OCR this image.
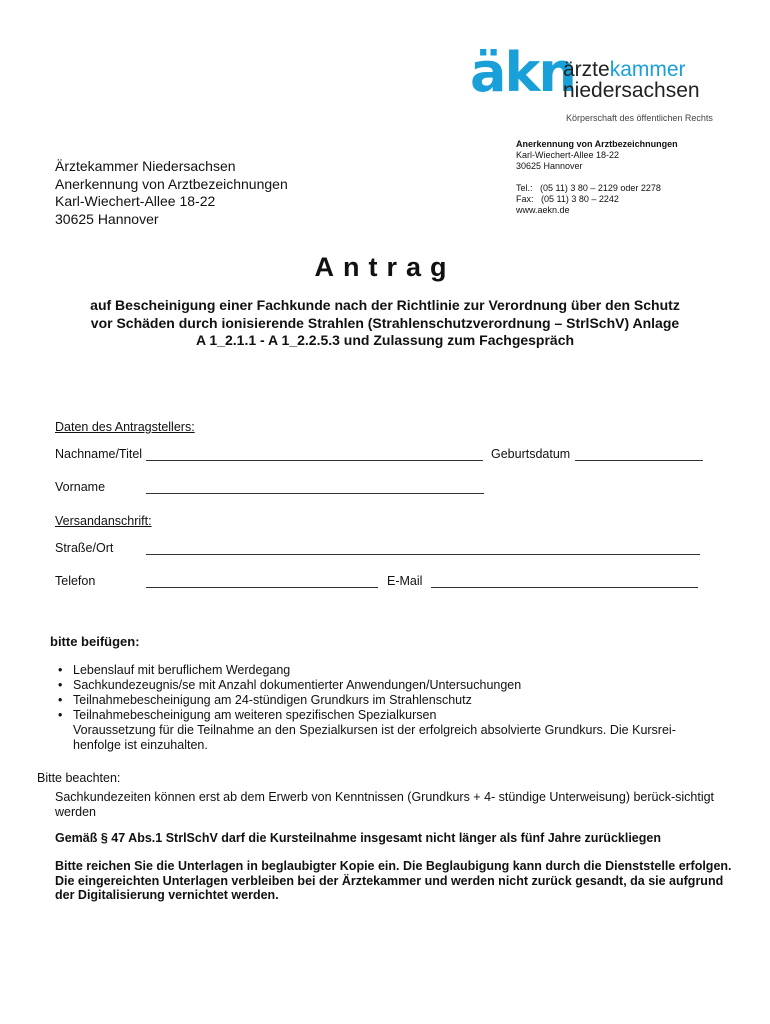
äkn
ärztekammer
niedersachsen
Körperschaft des öffentlichen Rechts
Anerkennung von Arztbezeichnungen
Karl-Wiechert-Allee 18-22
30625 Hannover
Tel.:   (05 11) 3 80 – 2129 oder 2278
Fax:   (05 11) 3 80 – 2242
www.aekn.de
Ärztekammer Niedersachsen
Anerkennung von Arztbezeichnungen
Karl-Wiechert-Allee 18-22
30625 Hannover
Antrag
auf Bescheinigung einer Fachkunde nach der Richtlinie zur Verordnung über den Schutz
vor Schäden durch ionisierende Strahlen (Strahlenschutzverordnung – StrlSchV) Anlage
A 1_2.1.1 - A 1_2.2.5.3 und Zulassung zum Fachgespräch
Daten des Antragstellers:
Nachname/Titel	Geburtsdatum
Vorname
Versandanschrift:
Straße/Ort
Telefon	E-Mail
bitte beifügen:
• Lebenslauf mit beruflichem Werdegang
• Sachkundezeugnis/se mit Anzahl dokumentierter Anwendungen/Untersuchungen
• Teilnahmebescheinigung am 24-stündigen Grundkurs im Strahlenschutz
• Teilnahmebescheinigung am weiteren spezifischen Spezialkursen
Voraussetzung für die Teilnahme an den Spezialkursen ist der erfolgreich absolvierte Grundkurs. Die Kursrei-henfolge ist einzuhalten.
Bitte beachten:
Sachkundezeiten können erst ab dem Erwerb von Kenntnissen (Grundkurs + 4- stündige Unterweisung) berück-sichtigt werden
Gemäß § 47 Abs.1 StrlSchV darf die Kursteilnahme insgesamt nicht länger als fünf Jahre zurückliegen
Bitte reichen Sie die Unterlagen in beglaubigter Kopie ein. Die Beglaubigung kann durch die Dienststelle erfolgen. Die eingereichten Unterlagen verbleiben bei der Ärztekammer und werden nicht zurück gesandt, da sie aufgrund der Digitalisierung vernichtet werden.
